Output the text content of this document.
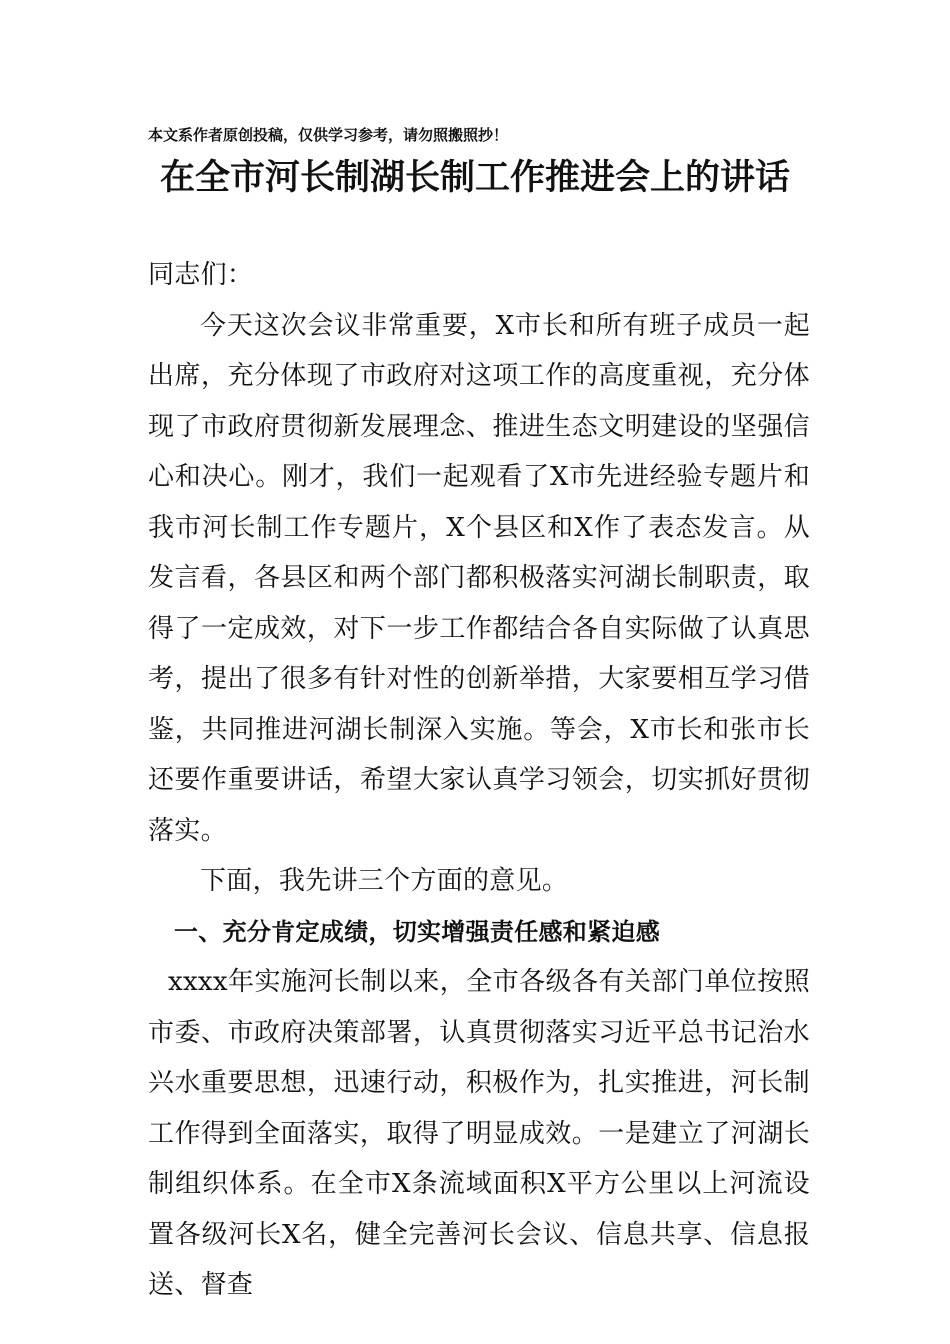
本文系作者原创投稿，仅供学习参考，请勿照搬照抄！
在全市河长制湖长制工作推进会上的讲话

同志们：

今天这次会议非常重要，X市长和所有班子成员一起出席，充分体现了市政府对这项工作的高度重视，充分体现了市政府贯彻新发展理念、推进生态文明建设的坚强信心和决心。刚才，我们一起观看了X市先进经验专题片和我市河长制工作专题片，X个县区和X作了表态发言。从发言看，各县区和两个部门都积极落实河湖长制职责，取得了一定成效，对下一步工作都结合各自实际做了认真思考，提出了很多有针对性的创新举措，大家要相互学习借鉴，共同推进河湖长制深入实施。等会，X市长和张市长还要作重要讲话，希望大家认真学习领会，切实抓好贯彻落实。

下面，我先讲三个方面的意见。

一、充分肯定成绩，切实增强责任感和紧迫感

xxxx年实施河长制以来，全市各级各有关部门单位按照市委、市政府决策部署，认真贯彻落实习近平总书记治水兴水重要思想，迅速行动，积极作为，扎实推进，河长制工作得到全面落实，取得了明显成效。一是建立了河湖长制组织体系。在全市X条流域面积X平方公里以上河流设置各级河长X名，健全完善河长会议、信息共享、信息报送、督查
